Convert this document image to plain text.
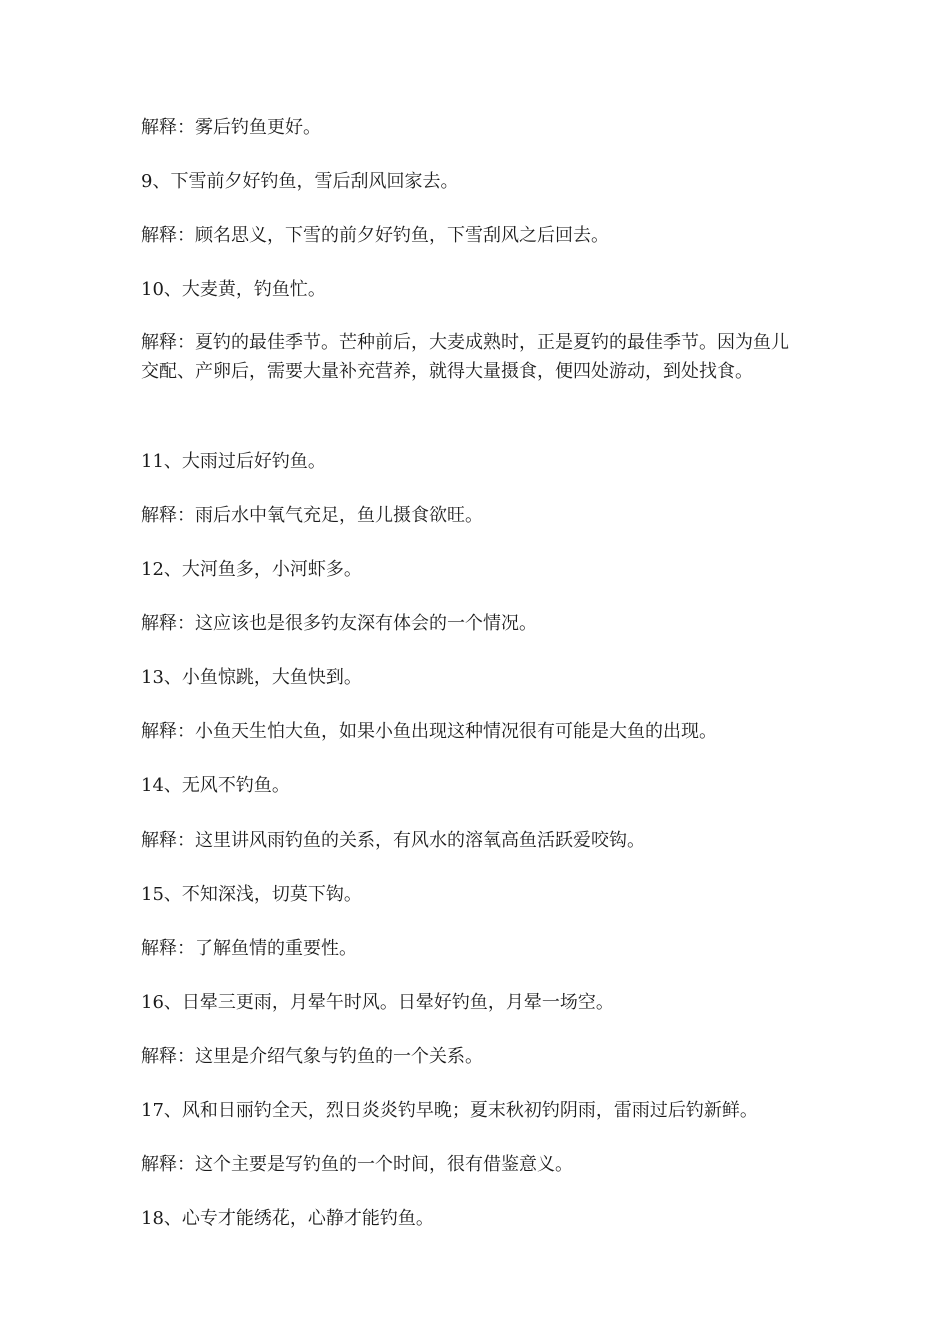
解释：雾后钓鱼更好。

9、下雪前夕好钓鱼，雪后刮风回家去。

解释：顾名思义，下雪的前夕好钓鱼，下雪刮风之后回去。

10、大麦黄，钓鱼忙。

解释：夏钓的最佳季节。芒种前后，大麦成熟时，正是夏钓的最佳季节。因为鱼儿交配、产卵后，需要大量补充营养，就得大量摄食，便四处游动，到处找食。

11、大雨过后好钓鱼。

解释：雨后水中氧气充足，鱼儿摄食欲旺。

12、大河鱼多，小河虾多。

解释：这应该也是很多钓友深有体会的一个情况。

13、小鱼惊跳，大鱼快到。

解释：小鱼天生怕大鱼，如果小鱼出现这种情况很有可能是大鱼的出现。

14、无风不钓鱼。

解释：这里讲风雨钓鱼的关系，有风水的溶氧高鱼活跃爱咬钩。

15、不知深浅，切莫下钩。

解释：了解鱼情的重要性。

16、日晕三更雨，月晕午时风。日晕好钓鱼，月晕一场空。

解释：这里是介绍气象与钓鱼的一个关系。

17、风和日丽钓全天，烈日炎炎钓早晚；夏末秋初钓阴雨，雷雨过后钓新鲜。

解释：这个主要是写钓鱼的一个时间，很有借鉴意义。

18、心专才能绣花，心静才能钓鱼。
